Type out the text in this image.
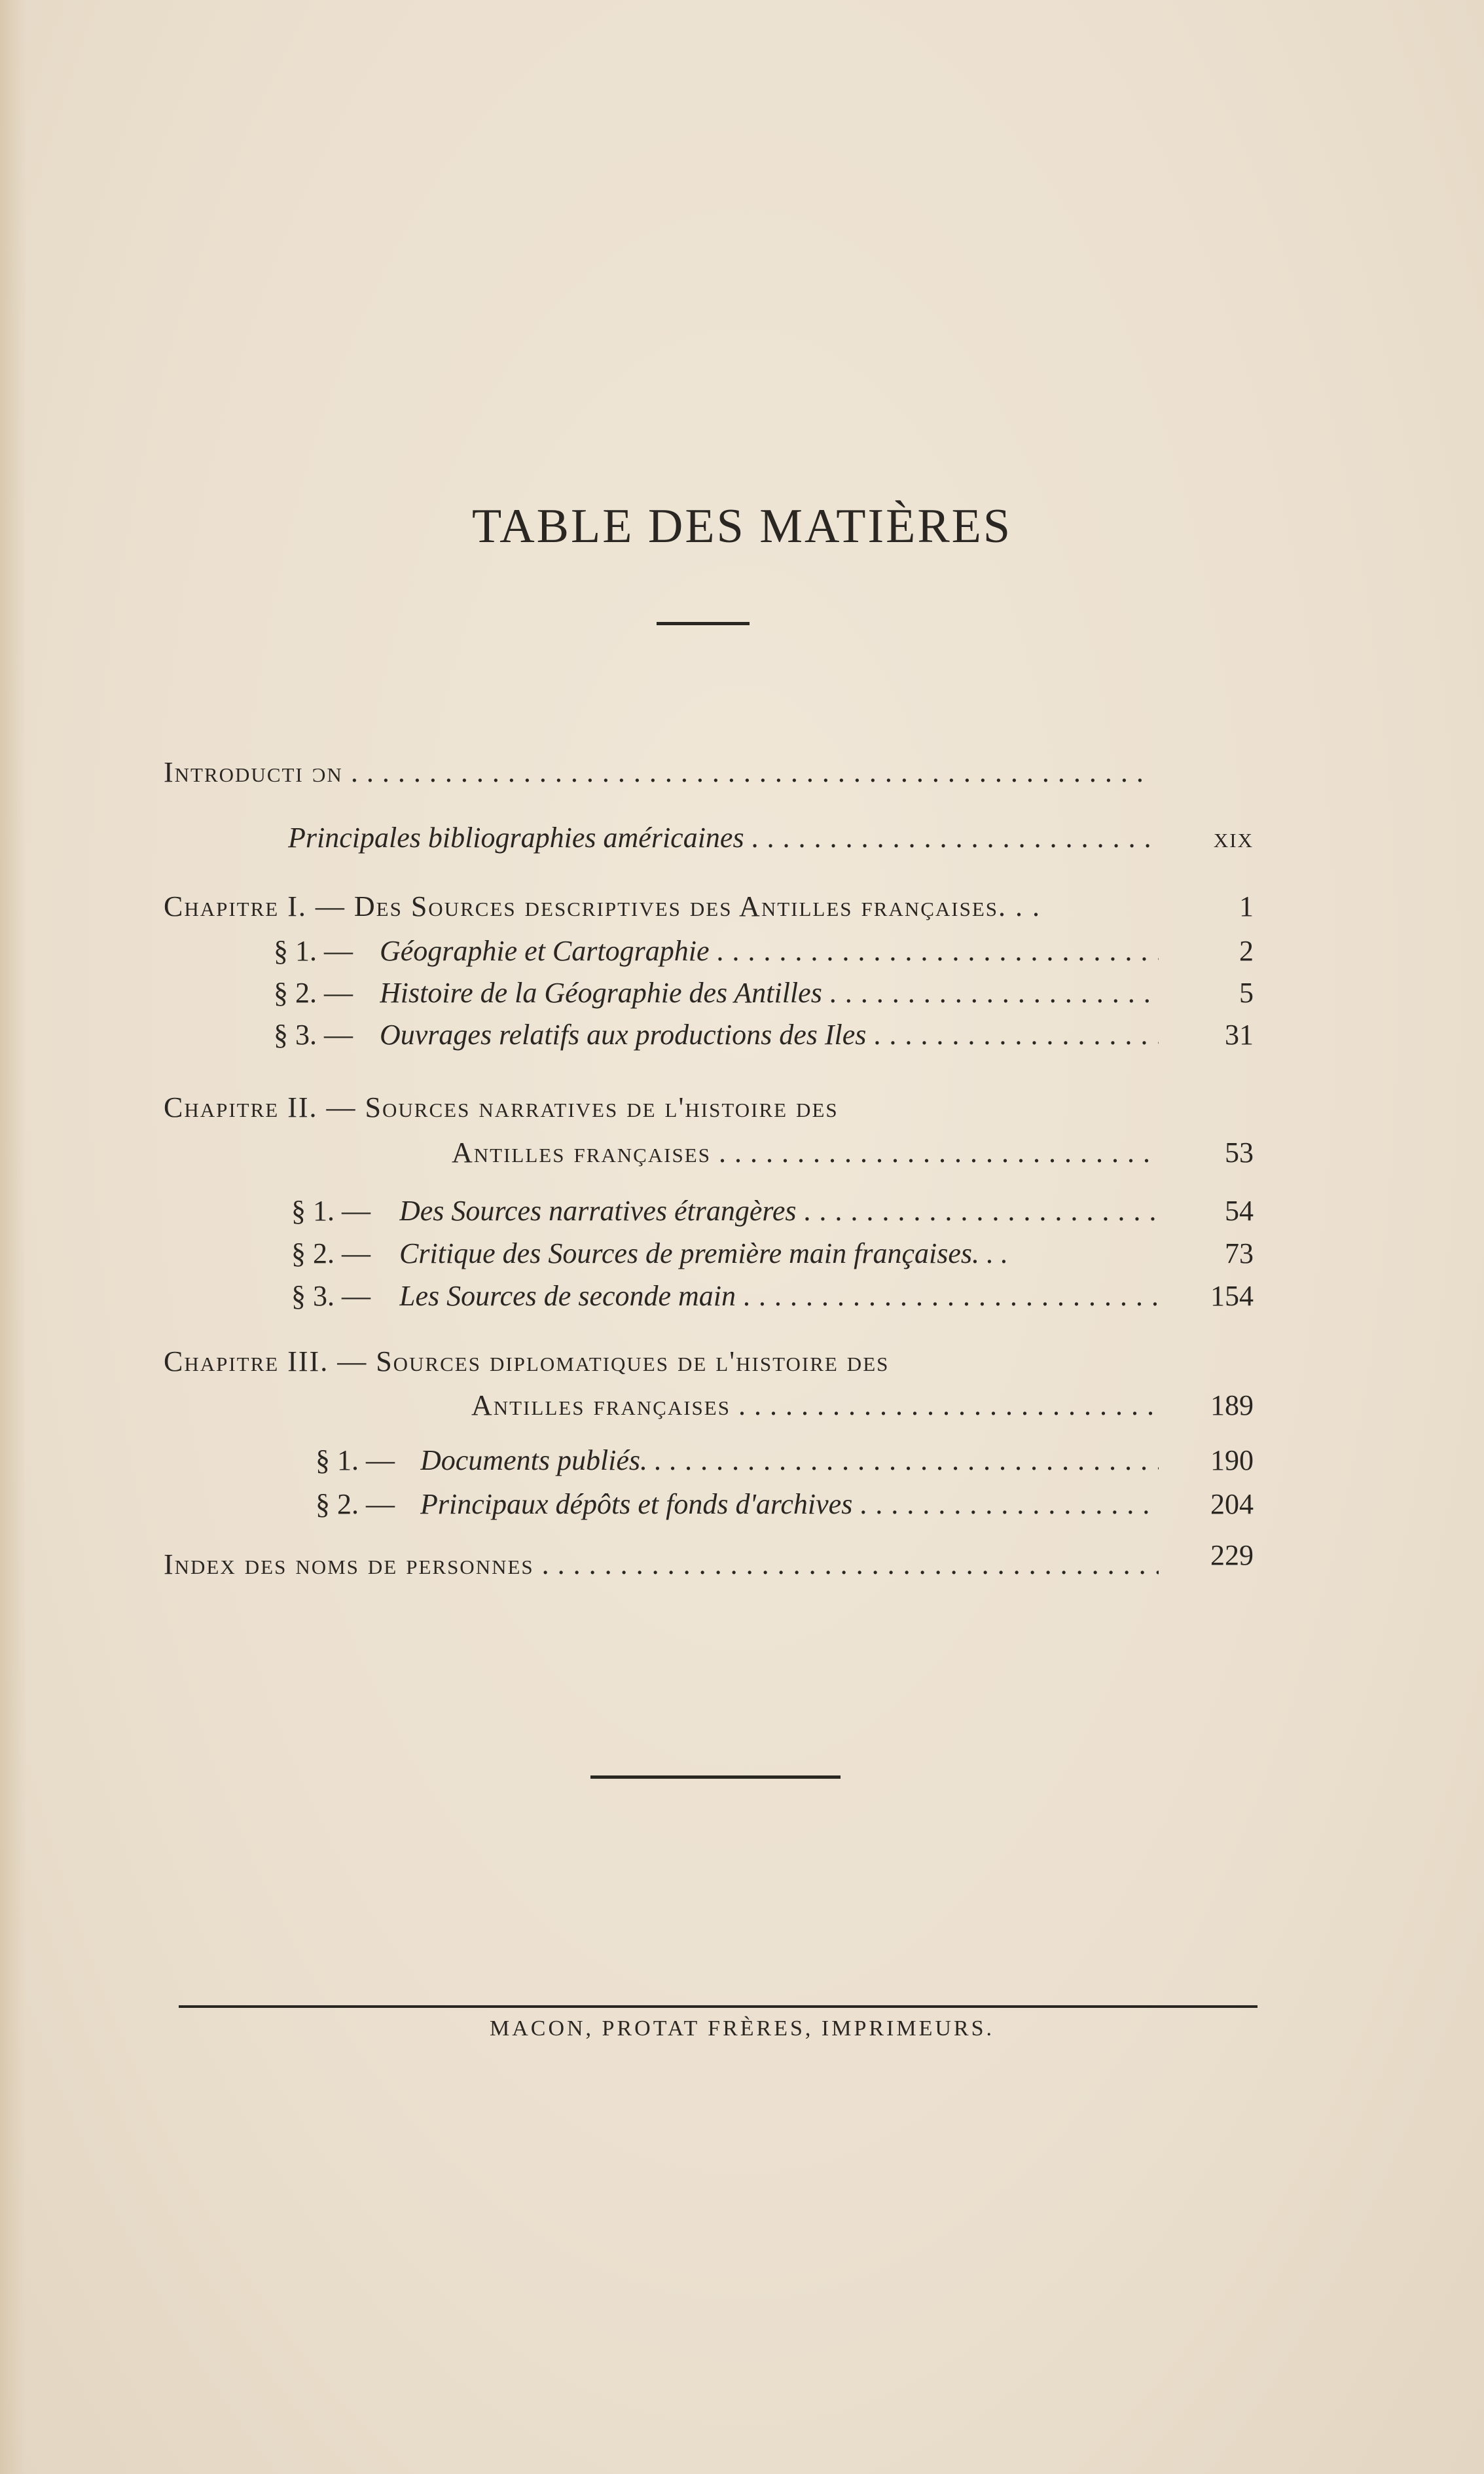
TABLE DES MATIÈRES
Introducti ɔn . . .
Principales bibliographies américaines . . .	xix
Chapitre I. — Des Sources descriptives des Antilles françaises. . .	1
§ 1. — Géographie et Cartographie . . .	2
§ 2. — Histoire de la Géographie des Antilles . . .	5
§ 3. — Ouvrages relatifs aux productions des Iles . . .	31
Chapitre II. — Sources narratives de l'histoire des
Antilles françaises . . .	53
§ 1. — Des Sources narratives étrangères . . .	54
§ 2. — Critique des Sources de première main françaises. . .	73
§ 3. — Les Sources de seconde main . . .	154
Chapitre III. — Sources diplomatiques de l'histoire des
Antilles françaises . . .	189
§ 1. — Documents publiés. . . . .	190
§ 2. — Principaux dépôts et fonds d'archives . . .	204
Index des noms de personnes . . .	229
MACON, PROTAT FRÈRES, IMPRIMEURS.
